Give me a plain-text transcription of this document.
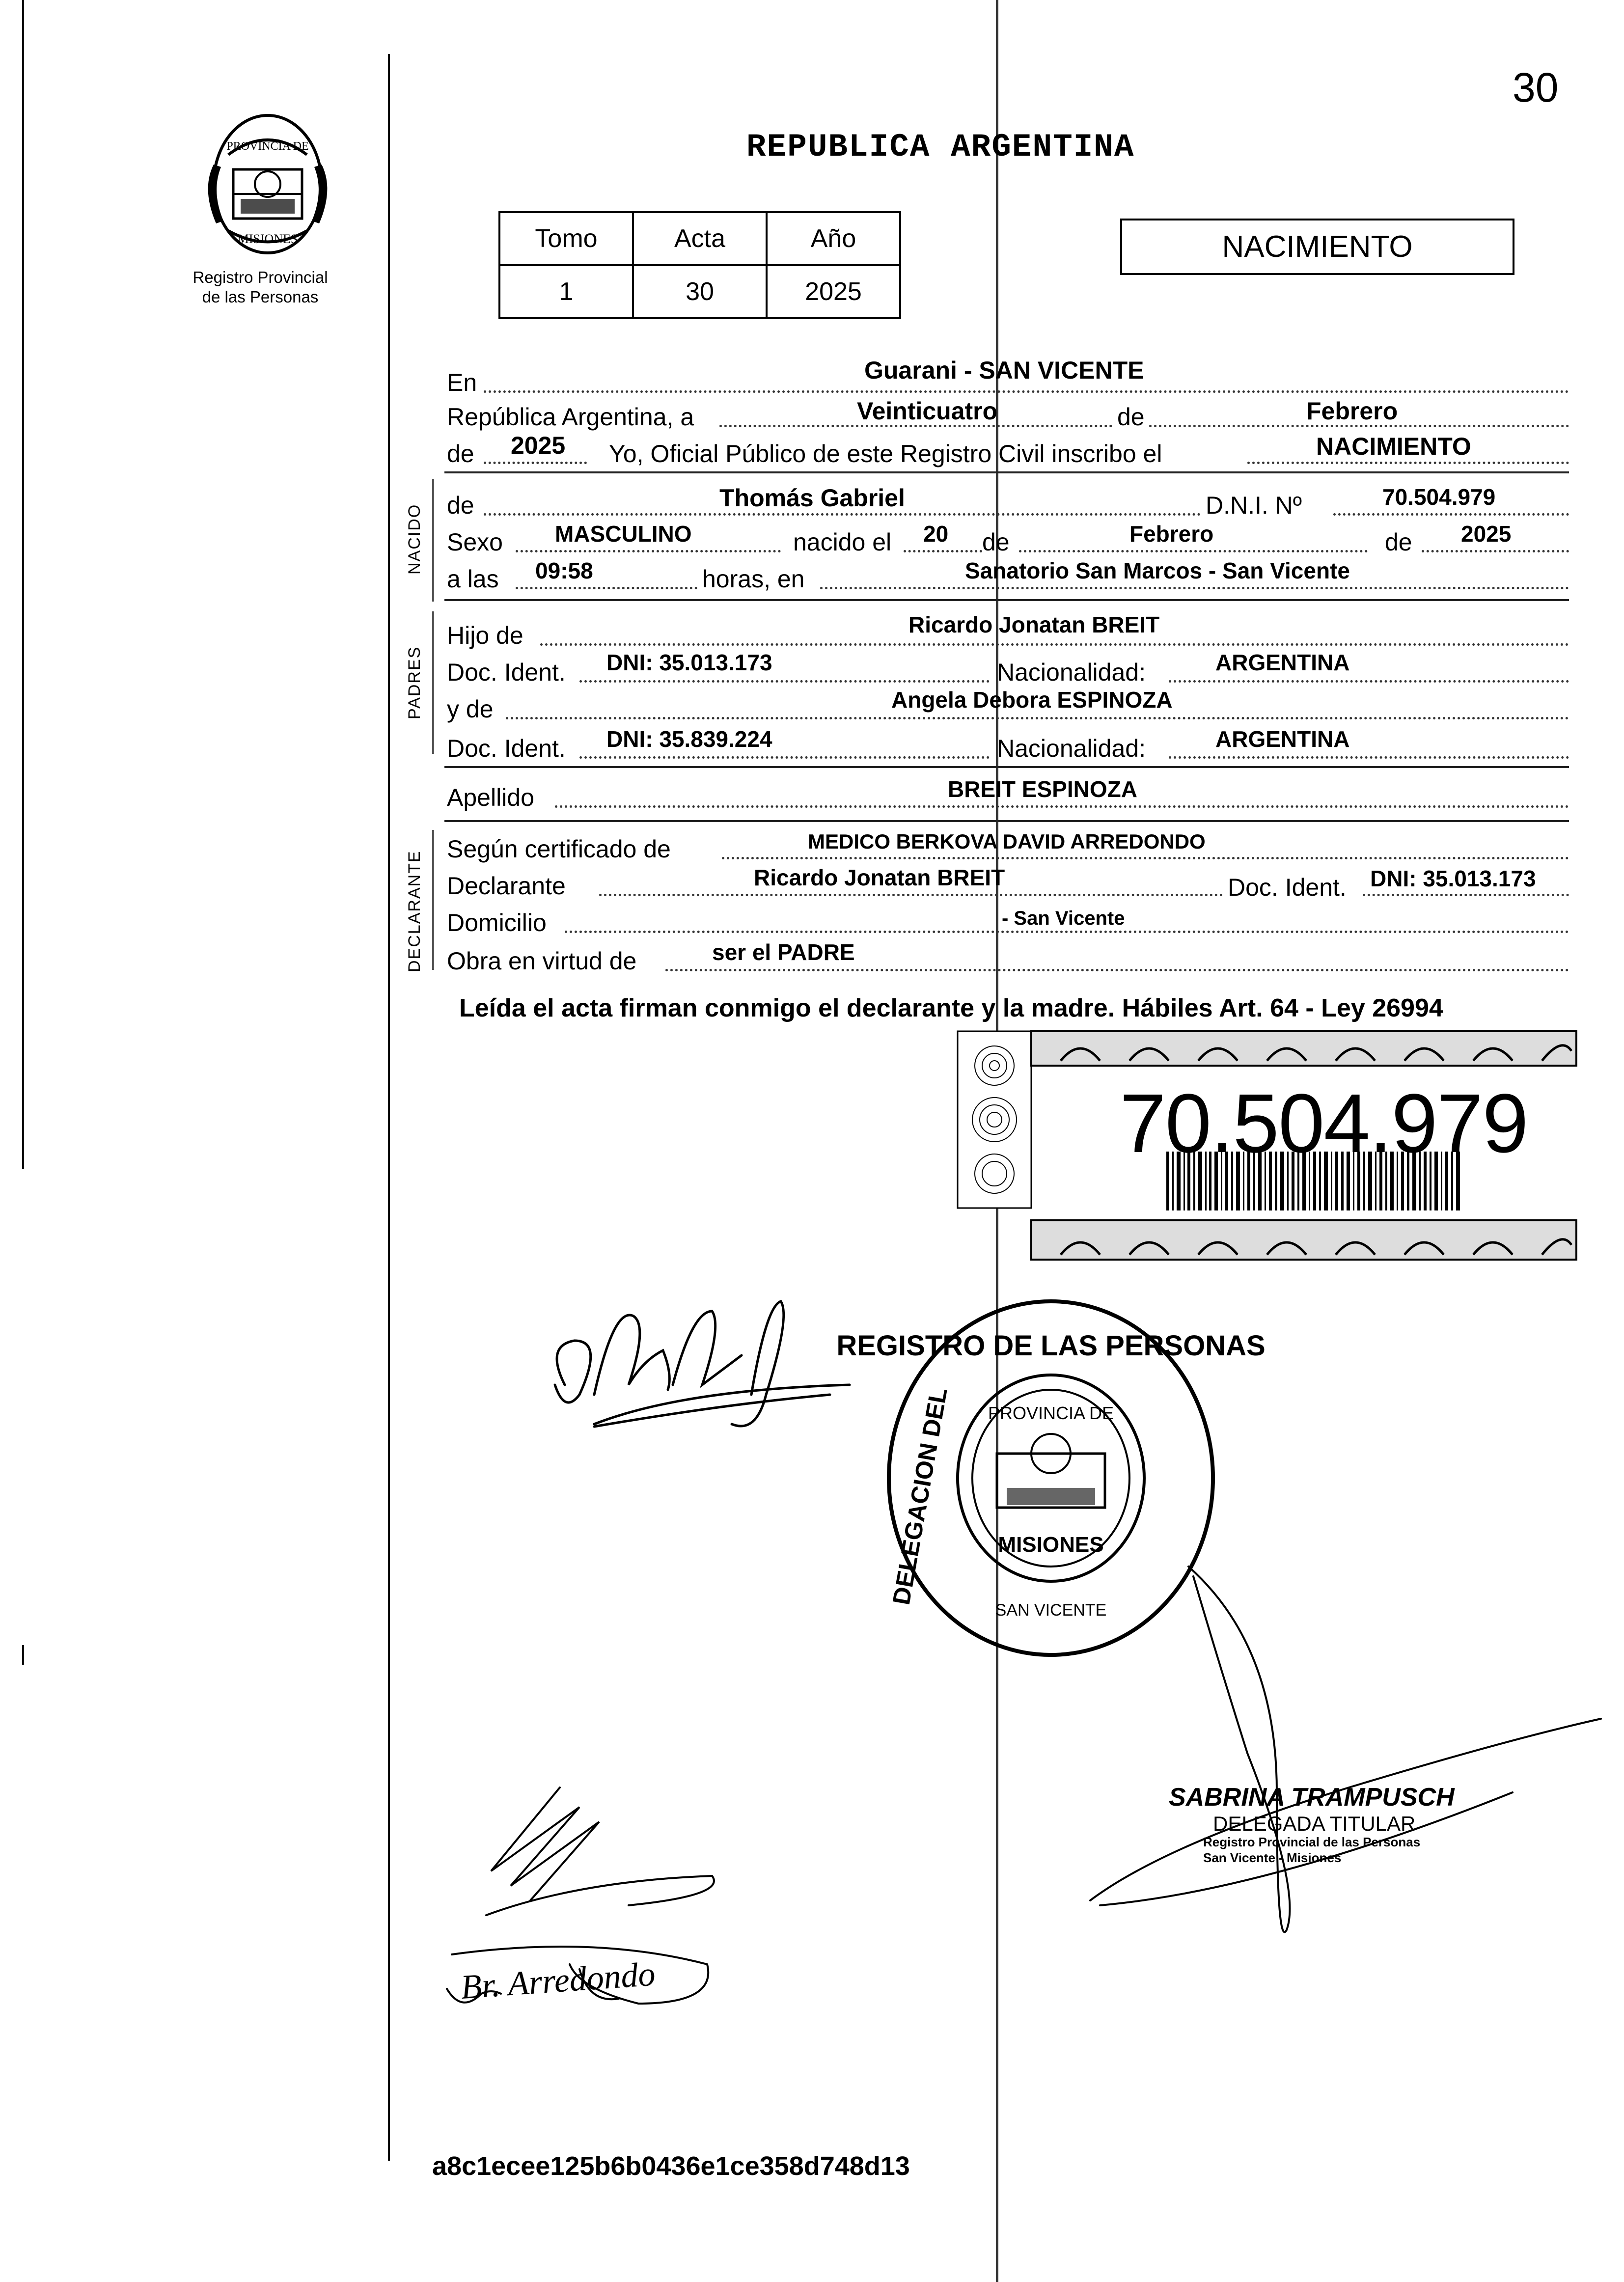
30
PROVINCIA DE
MISIONES
Registro Provincial
de las Personas
REPUBLICA ARGENTINA
Tomo	Acta	Año
1	30	2025
NACIMIENTO
En	Guarani - SAN VICENTE
República Argentina, a	Veinticuatro	de	Febrero
de 2025 Yo, Oficial Público de este Registro Civil inscribo el	NACIMIENTO
NACIDO de	Thomás Gabriel	D.N.I. Nº	70.504.979
Sexo MASCULINO	nacido el 20 de	Febrero	de 2025
a las 09:58	horas, en	Sanatorio San Marcos - San Vicente
PADRES
Hijo de	Ricardo Jonatan BREIT
Doc. Ident. DNI: 35.013.173	Nacionalidad:	ARGENTINA
y de	Angela Debora ESPINOZA
Doc. Ident. DNI: 35.839.224	Nacionalidad:	ARGENTINA
Apellido	BREIT ESPINOZA
DECLARANTE
Según certificado de	MEDICO BERKOVA DAVID ARREDONDO
Declarante	Ricardo Jonatan BREIT	Doc. Ident. DNI: 35.013.173
Domicilio	- San Vicente
Obra en virtud de	ser el PADRE
Leída el acta firman conmigo el declarante y la madre. Hábiles Art. 64 - Ley 26994
70.504.979
REGISTRO DE LAS PERSONAS
DELEGACION DEL PROVINCIA DE
MISIONES
SAN VICENTE
Br. Arredondo
SABRINA TRAMPUSCH
DELEGADA TITULAR
Registro Provincial de las Personas
San Vicente - Misiones
a8c1ecee125b6b0436e1ce358d748d13
